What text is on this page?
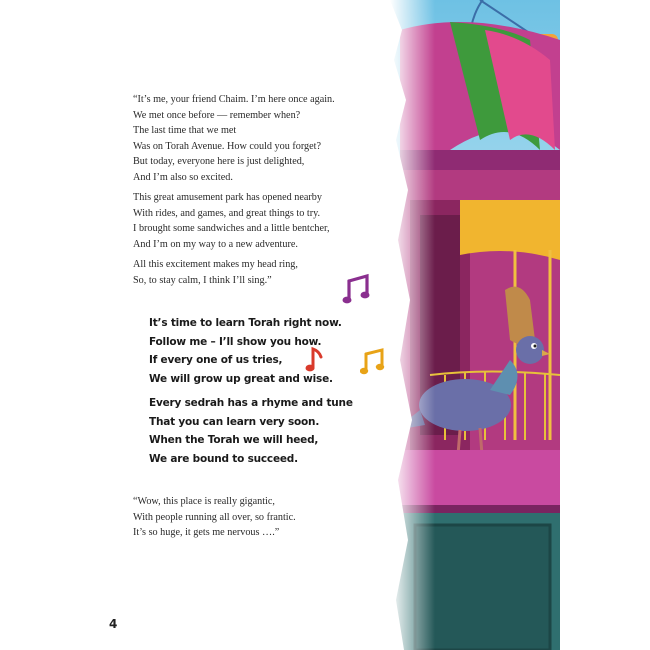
“It’s me, your friend Chaim. I’m here once again.
We met once before — remember when?
The last time that we met
Was on Torah Avenue. How could you forget?
But today, everyone here is just delighted,
And I’m also so excited.
This great amusement park has opened nearby
With rides, and games, and great things to try.
I brought some sandwiches and a little bentcher,
And I’m on my way to a new adventure.
All this excitement makes my head ring,
So, to stay calm, I think I’ll sing.”
It’s time to learn Torah right now.
Follow me – I’ll show you how.
If every one of us tries,
We will grow up great and wise.
Every sedrah has a rhyme and tune
That you can learn very soon.
When the Torah we will heed,
We are bound to succeed.
“Wow, this place is really gigantic,
With people running all over, so frantic.
It’s so huge, it gets me nervous ….”
4
